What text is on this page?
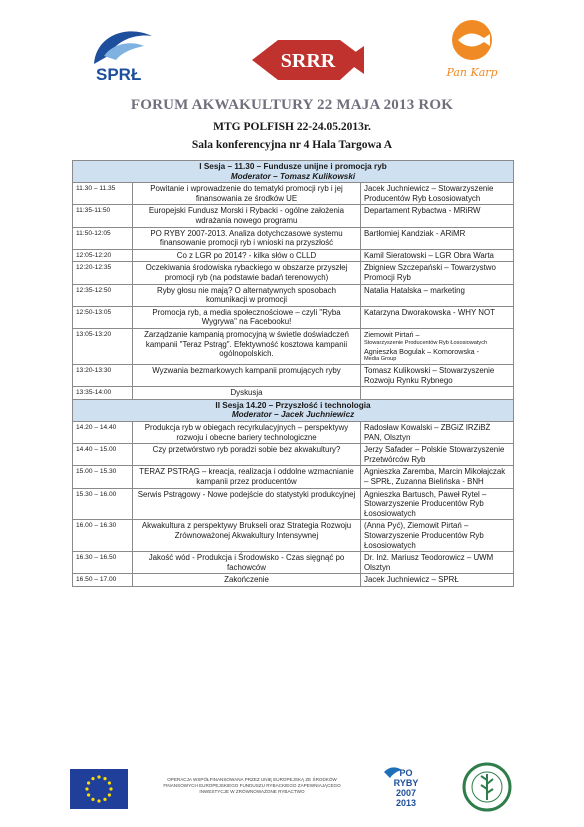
SPRŁ
SRRR
Pan Karp
FORUM AKWAKULTURY 22 MAJA 2013 ROK
MTG POLFISH 22-24.05.2013r.
Sala konferencyjna nr 4 Hala Targowa A
I Sesja – 11.30 – Fundusze unijne i promocja ryb
Moderator – Tomasz Kulikowski		

11.30 – 11.35	Powitanie i wprowadzenie do tematyki promocji ryb i jej finansowania ze środków UE	Jacek Juchniewicz – Stowarzyszenie Producentów Ryb Łososiowatych
11:35-11:50	Europejski Fundusz Morski i Rybacki - ogólne założenia wdrażania nowego programu	Departament Rybactwa - MRiRW
11:50-12:05	PO RYBY 2007-2013. Analiza dotychczasowe systemu finansowanie promocji ryb i wnioski na przyszłość	Bartłomiej Kandziak - ARiMR
12:05-12:20	Co z LGR po 2014? - kilka słów o CLLD	Kamil Sieratowski – LGR Obra Warta
12:20-12:35	Oczekiwania środowiska rybackiego w obszarze przyszłej promocji ryb (na podstawie badań terenowych)	Zbigniew Szczepański – Towarzystwo Promocji Ryb
12:35-12:50	Ryby głosu nie mają? O alternatywnych sposobach komunikacji w promocji	Natalia Hatalska – marketing
12:50-13:05	Promocja ryb, a media społecznościowe – czyli "Ryba Wygrywa" na Facebooku!	Katarzyna Dworakowska - WHY NOT
13:05-13:20	Zarządzanie kampanią promocyjną w świetle doświadczeń kampanii "Teraz Pstrąg". Efektywność kosztowa kampanii ogólnopolskich.	Ziemowit Pirtań –
Stowarzyszenie Producentów Ryb Łososiowatych
Agnieszka Bogulak – Komorowska -
Media Group

13:20-13:30	Wyzwania bezmarkowych kampanii promujących ryby	Tomasz Kulikowski – Stowarzyszenie Rozwoju Rynku Rybnego
13:35-14:00	Dyskusja	

II Sesja 14.20 – Przyszłość i technologia
Moderator – Jacek Juchniewicz		

14.20 – 14.40	Produkcja ryb w obiegach recyrkulacyjnych – perspektywy rozwoju i obecne bariery technologiczne	Radosław Kowalski – ZBGiZ IRZiBŻ PAN, Olsztyn
14.40 – 15.00	Czy przetwórstwo ryb poradzi sobie bez akwakultury?	Jerzy Safader – Polskie Stowarzyszenie Przetwórców Ryb
15.00 – 15.30	TERAZ PSTRĄG – kreacja, realizacja i oddolne wzmacnianie kampanii przez producentów	Agnieszka Zaremba, Marcin Mikołajczak – SPRŁ, Zuzanna Bielińska - BNH
15.30 – 16.00	Serwis Pstrągowy - Nowe podejście do statystyki produkcyjnej	Agnieszka Bartusch, Paweł Rytel – Stowarzyszenie Producentów Ryb Łososiowatych
16.00 – 16.30	Akwakultura z perspektywy Brukseli oraz Strategia Rozwoju Zrównoważonej Akwakultury Intensywnej	(Anna Pyć), Ziemowit Pirtań – Stowarzyszenie Producentów Ryb Łososiowatych
16.30 – 16.50	Jakość wód - Produkcja i Środowisko - Czas sięgnąć po fachowców	Dr. Inż. Mariusz Teodorowicz – UWM Olsztyn
16.50 – 17.00	Zakończenie	Jacek Juchniewicz – SPRŁ
OPERACJA WSPÓŁFINANSOWANA PRZEZ UNIĘ EUROPEJSKĄ ZE ŚRODKÓW FINANSOWYCH EUROPEJSKIEGO FUNDUSZU RYBACKIEGO ZAPEWNIAJĄCEGO INWESTYCJE W ZRÓWNOWAŻONE RYBACTWO
PO RYBY 2007 2013
